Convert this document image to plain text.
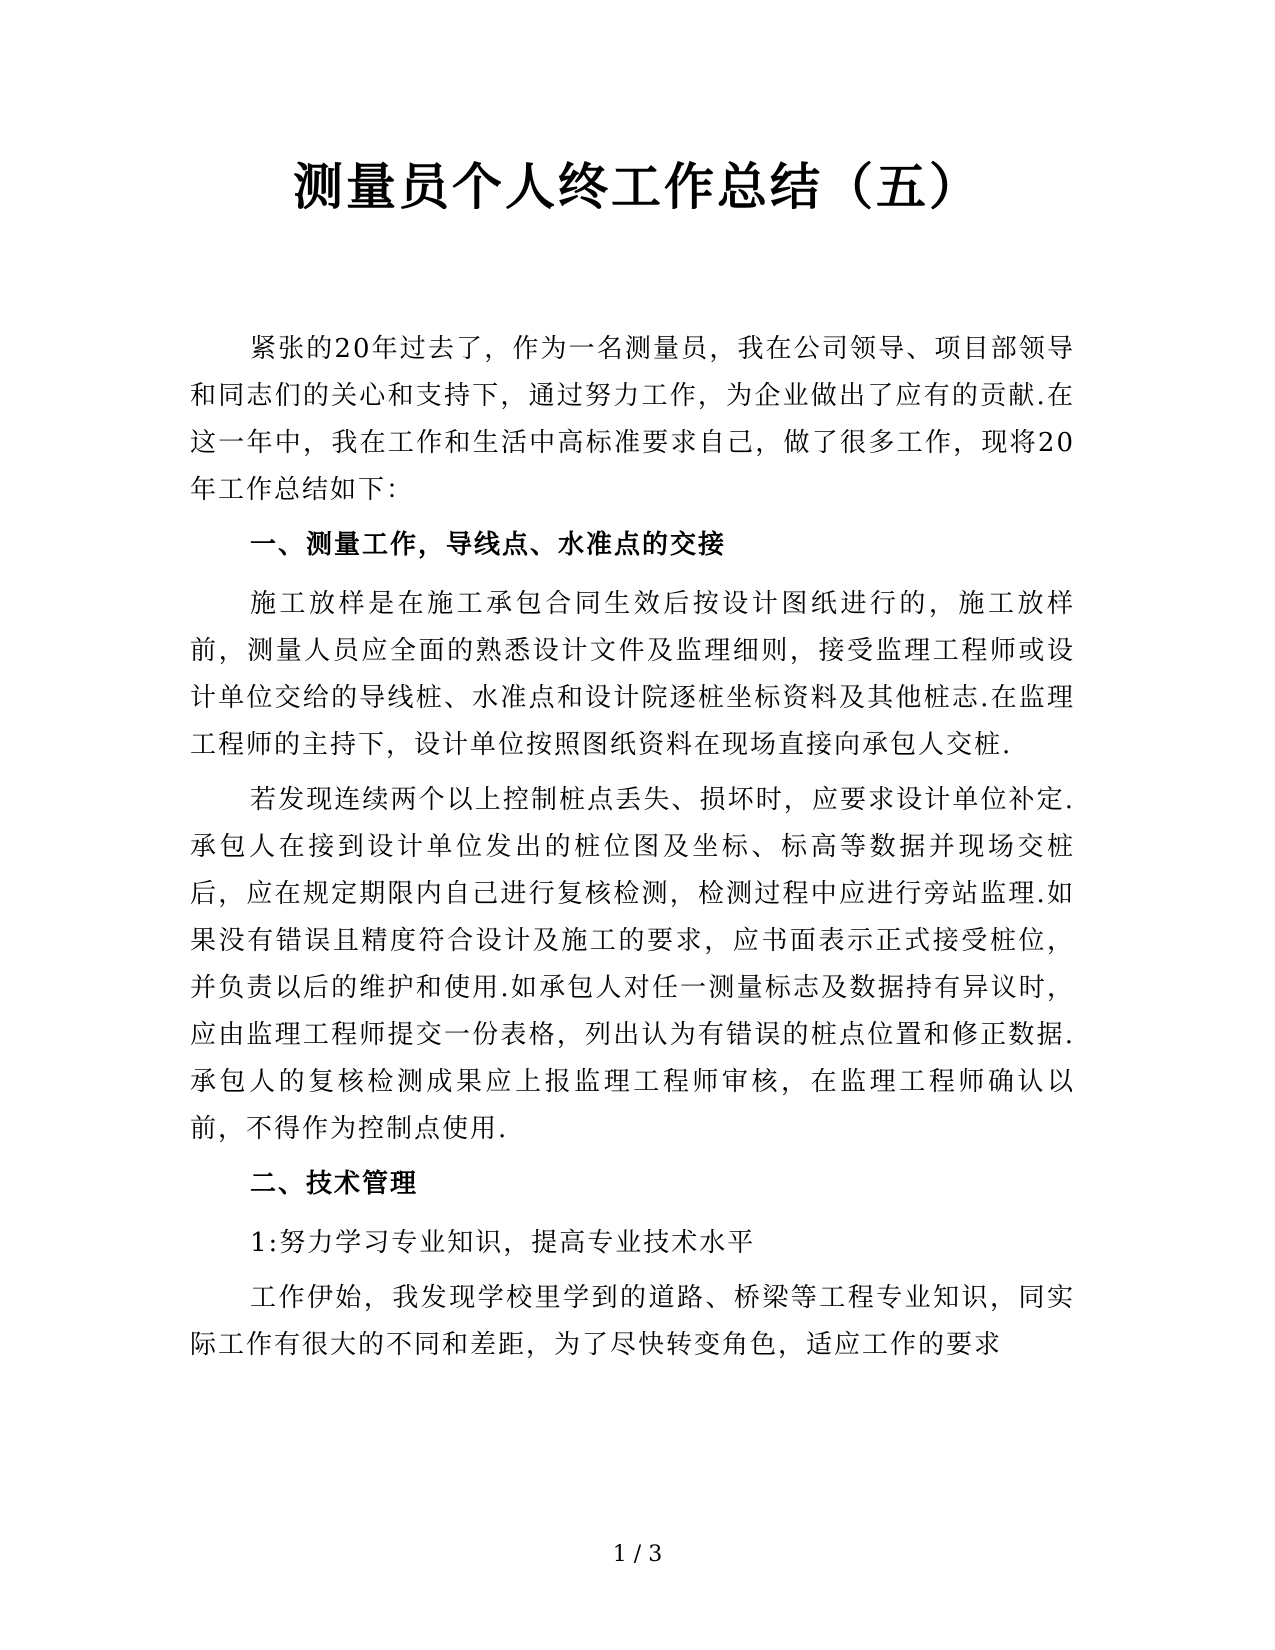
测量员个人终工作总结（五）

紧张的20年过去了，作为一名测量员，我在公司领导、项目部领导和同志们的关心和支持下，通过努力工作，为企业做出了应有的贡献.在这一年中，我在工作和生活中高标准要求自己，做了很多工作，现将20年工作总结如下：

一、测量工作，导线点、水准点的交接

施工放样是在施工承包合同生效后按设计图纸进行的，施工放样前，测量人员应全面的熟悉设计文件及监理细则，接受监理工程师或设计单位交给的导线桩、水准点和设计院逐桩坐标资料及其他桩志.在监理工程师的主持下，设计单位按照图纸资料在现场直接向承包人交桩.

若发现连续两个以上控制桩点丢失、损坏时，应要求设计单位补定.承包人在接到设计单位发出的桩位图及坐标、标高等数据并现场交桩后，应在规定期限内自己进行复核检测，检测过程中应进行旁站监理.如果没有错误且精度符合设计及施工的要求，应书面表示正式接受桩位，并负责以后的维护和使用.如承包人对任一测量标志及数据持有异议时，应由监理工程师提交一份表格，列出认为有错误的桩点位置和修正数据.承包人的复核检测成果应上报监理工程师审核，在监理工程师确认以前，不得作为控制点使用.

二、技术管理

1:努力学习专业知识，提高专业技术水平

工作伊始，我发现学校里学到的道路、桥梁等工程专业知识，同实际工作有很大的不同和差距，为了尽快转变角色，适应工作的要求

1 / 3
